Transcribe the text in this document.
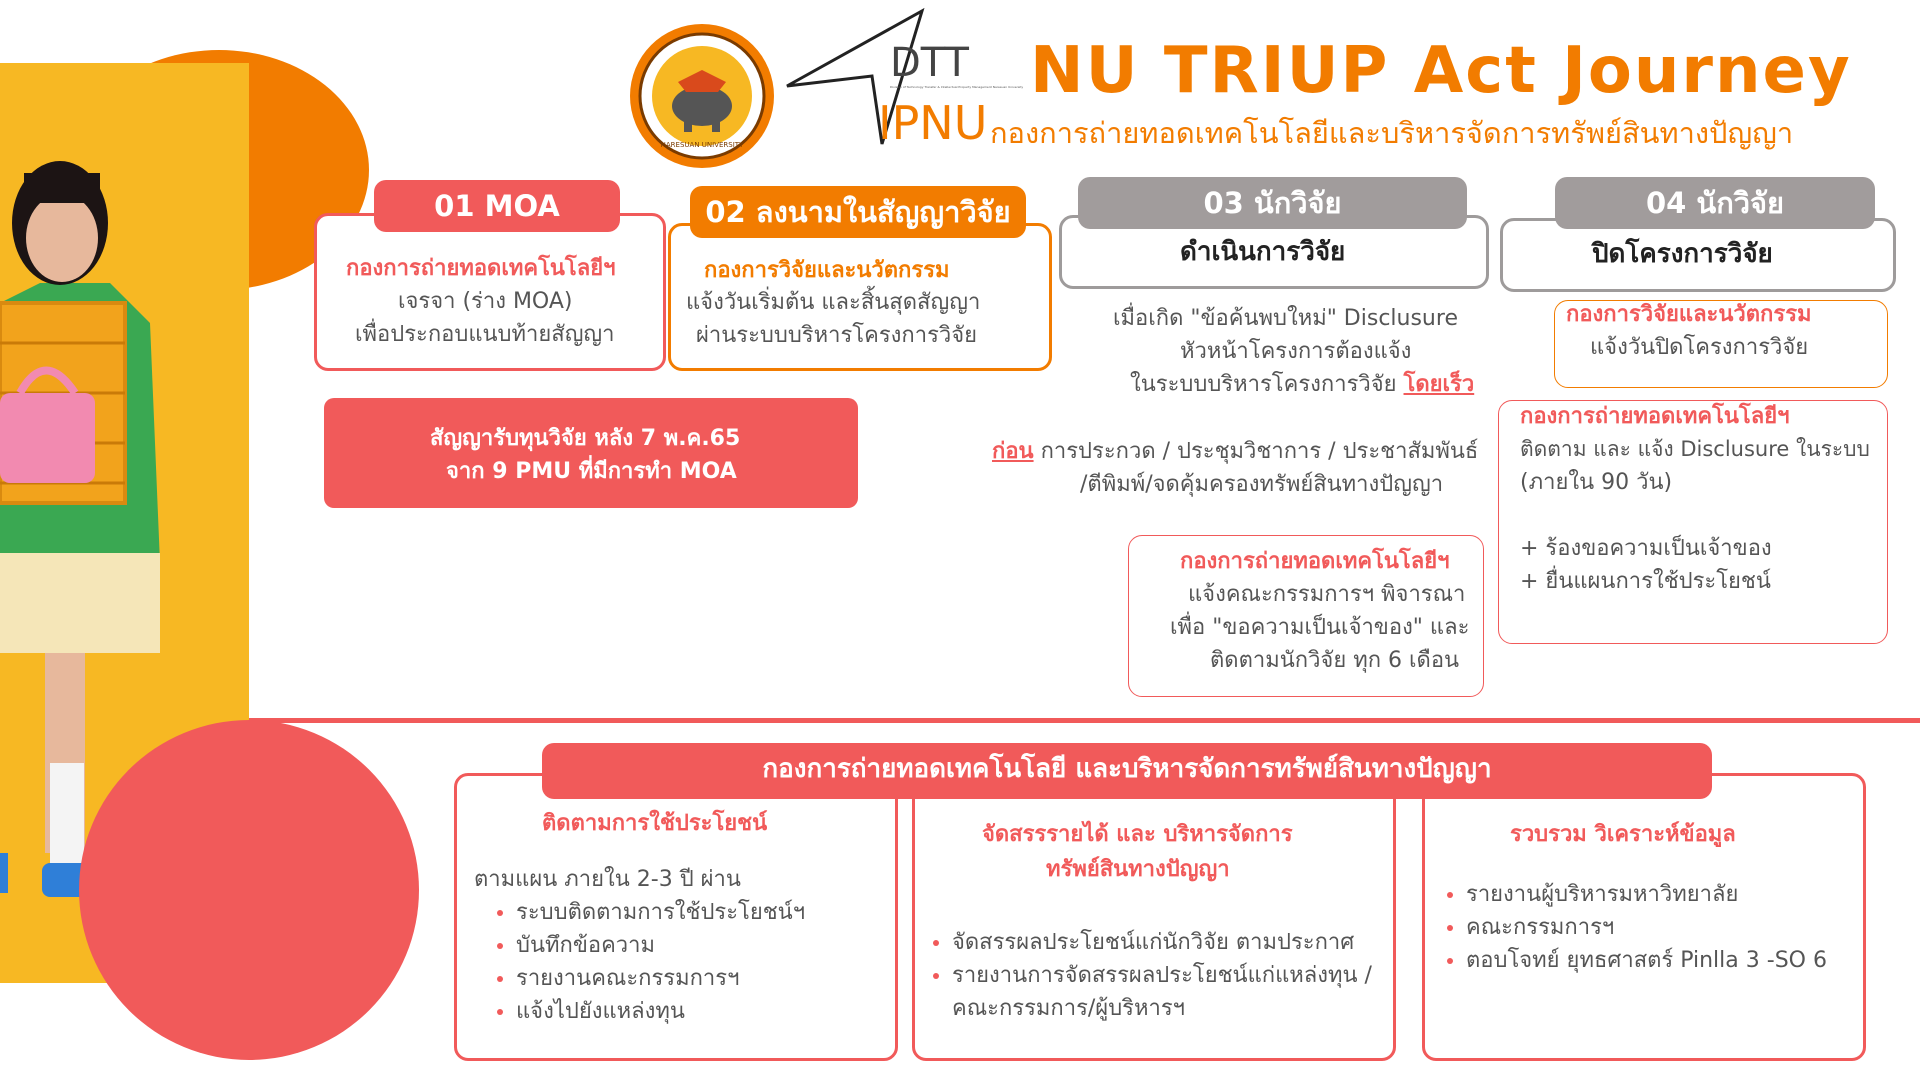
NARESUAN UNIVERSITY
DTT
Division of Technology Transfer & Intellectual Property Management Naresuan University
IPNU
NU TRIUP Act Journey
กองการถ่ายทอดเทคโนโลยีและบริหารจัดการทรัพย์สินทางปัญญา
01 MOA
กองการถ่ายทอดเทคโนโลยีฯ
เจรจา (ร่าง MOA)
เพื่อประกอบแนบท้ายสัญญา
02 ลงนามในสัญญาวิจัย
กองการวิจัยและนวัตกรรม
แจ้งวันเริ่มต้น และสิ้นสุดสัญญา
ผ่านระบบบริหารโครงการวิจัย
สัญญารับทุนวิจัย หลัง 7 พ.ค.65
จาก 9 PMU ที่มีการทำ MOA
03 นักวิจัย
ดำเนินการวิจัย
เมื่อเกิด "ข้อค้นพบใหม่" Disclusure
หัวหน้าโครงการต้องแจ้ง
ในระบบบริหารโครงการวิจัย โดยเร็ว
ก่อน การประกวด / ประชุมวิชาการ / ประชาสัมพันธ์
/ตีพิมพ์/จดคุ้มครองทรัพย์สินทางปัญญา
กองการถ่ายทอดเทคโนโลยีฯ
แจ้งคณะกรรมการฯ พิจารณา
เพื่อ "ขอความเป็นเจ้าของ" และ
ติดตามนักวิจัย ทุก 6 เดือน
04 นักวิจัย
ปิดโครงการวิจัย
กองการวิจัยและนวัตกรรม
แจ้งวันปิดโครงการวิจัย
กองการถ่ายทอดเทคโนโลยีฯ
ติดตาม และ แจ้ง Disclusure ในระบบ
(ภายใน 90 วัน)
+ ร้องขอความเป็นเจ้าของ
+ ยื่นแผนการใช้ประโยชน์
กองการถ่ายทอดเทคโนโลยี และบริหารจัดการทรัพย์สินทางปัญญา
ติดตามการใช้ประโยชน์
ตามแผน ภายใน 2-3 ปี ผ่าน
• ระบบติดตามการใช้ประโยชน์ฯ
• บันทึกข้อความ
• รายงานคณะกรรมการฯ
• แจ้งไปยังแหล่งทุน
จัดสรรรายได้ และ บริหารจัดการ
ทรัพย์สินทางปัญญา
• จัดสรรผลประโยชน์แก่นักวิจัย ตามประกาศ
• รายงานการจัดสรรผลประโยชน์แก่แหล่งทุน /
คณะกรรมการ/ผู้บริหารฯ
รวบรวม วิเคราะห์ข้อมูล
• รายงานผู้บริหารมหาวิทยาลัย
• คณะกรรมการฯ
• ตอบโจทย์ ยุทธศาสตร์ Pinlla 3 -SO 6
